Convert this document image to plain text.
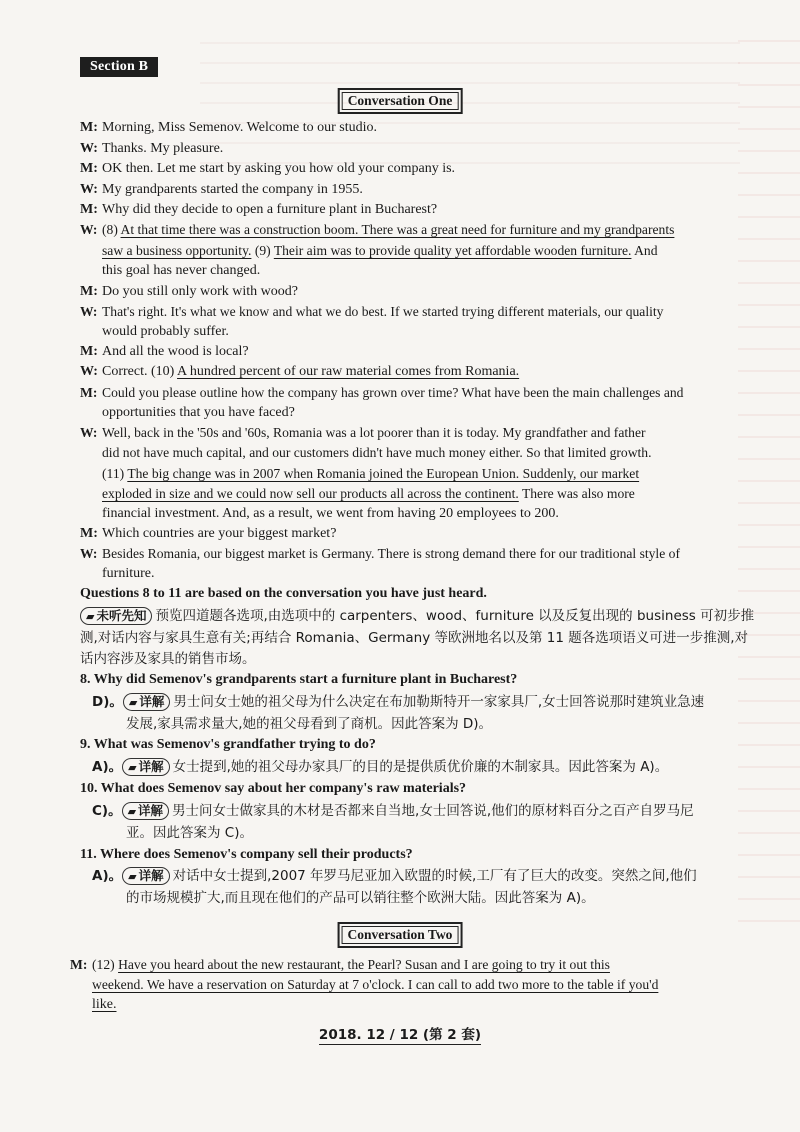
Section B
Conversation One
M: Morning, Miss Semenov. Welcome to our studio.
W: Thanks. My pleasure.
M: OK then. Let me start by asking you how old your company is.
W: My grandparents started the company in 1955.
M: Why did they decide to open a furniture plant in Bucharest?
W: (8) At that time there was a construction boom. There was a great need for furniture and my grandparents
saw a business opportunity. (9) Their aim was to provide quality yet affordable wooden furniture. And
this goal has never changed.
M: Do you still only work with wood?
W: That's right. It's what we know and what we do best. If we started trying different materials, our quality
would probably suffer.
M: And all the wood is local?
W: Correct. (10) A hundred percent of our raw material comes from Romania.
M: Could you please outline how the company has grown over time? What have been the main challenges and
opportunities that you have faced?
W: Well, back in the '50s and '60s, Romania was a lot poorer than it is today. My grandfather and father
did not have much capital, and our customers didn't have much money either. So that limited growth.
(11) The big change was in 2007 when Romania joined the European Union. Suddenly, our market
exploded in size and we could now sell our products all across the continent. There was also more
financial investment. And, as a result, we went from having 20 employees to 200.
M: Which countries are your biggest market?
W: Besides Romania, our biggest market is Germany. There is strong demand there for our traditional style of
furniture.
Questions 8 to 11 are based on the conversation you have just heard.
▰ 未听先知 预览四道题各选项,由选项中的 carpenters、wood、furniture 以及反复出现的 business 可初步推
测,对话内容与家具生意有关;再结合 Romania、Germany 等欧洲地名以及第 11 题各选项语义可进一步推测,对
话内容涉及家具的销售市场。
8. Why did Semenov's grandparents start a furniture plant in Bucharest?
D)。 ▰ 详解 男士问女士她的祖父母为什么决定在布加勒斯特开一家家具厂,女士回答说那时建筑业急速
发展,家具需求量大,她的祖父母看到了商机。因此答案为 D)。
9. What was Semenov's grandfather trying to do?
A)。 ▰ 详解 女士提到,她的祖父母办家具厂的目的是提供质优价廉的木制家具。因此答案为 A)。
10. What does Semenov say about her company's raw materials?
C)。 ▰ 详解 男士问女士做家具的木材是否都来自当地,女士回答说,他们的原材料百分之百产自罗马尼
亚。因此答案为 C)。
11. Where does Semenov's company sell their products?
A)。 ▰ 详解 对话中女士提到,2007 年罗马尼亚加入欧盟的时候,工厂有了巨大的改变。突然之间,他们
的市场规模扩大,而且现在他们的产品可以销往整个欧洲大陆。因此答案为 A)。
Conversation Two
M: (12) Have you heard about the new restaurant, the Pearl? Susan and I are going to try it out this
weekend. We have a reservation on Saturday at 7 o'clock. I can call to add two more to the table if you'd
like.
2018. 12 / 12 (第 2 套)
